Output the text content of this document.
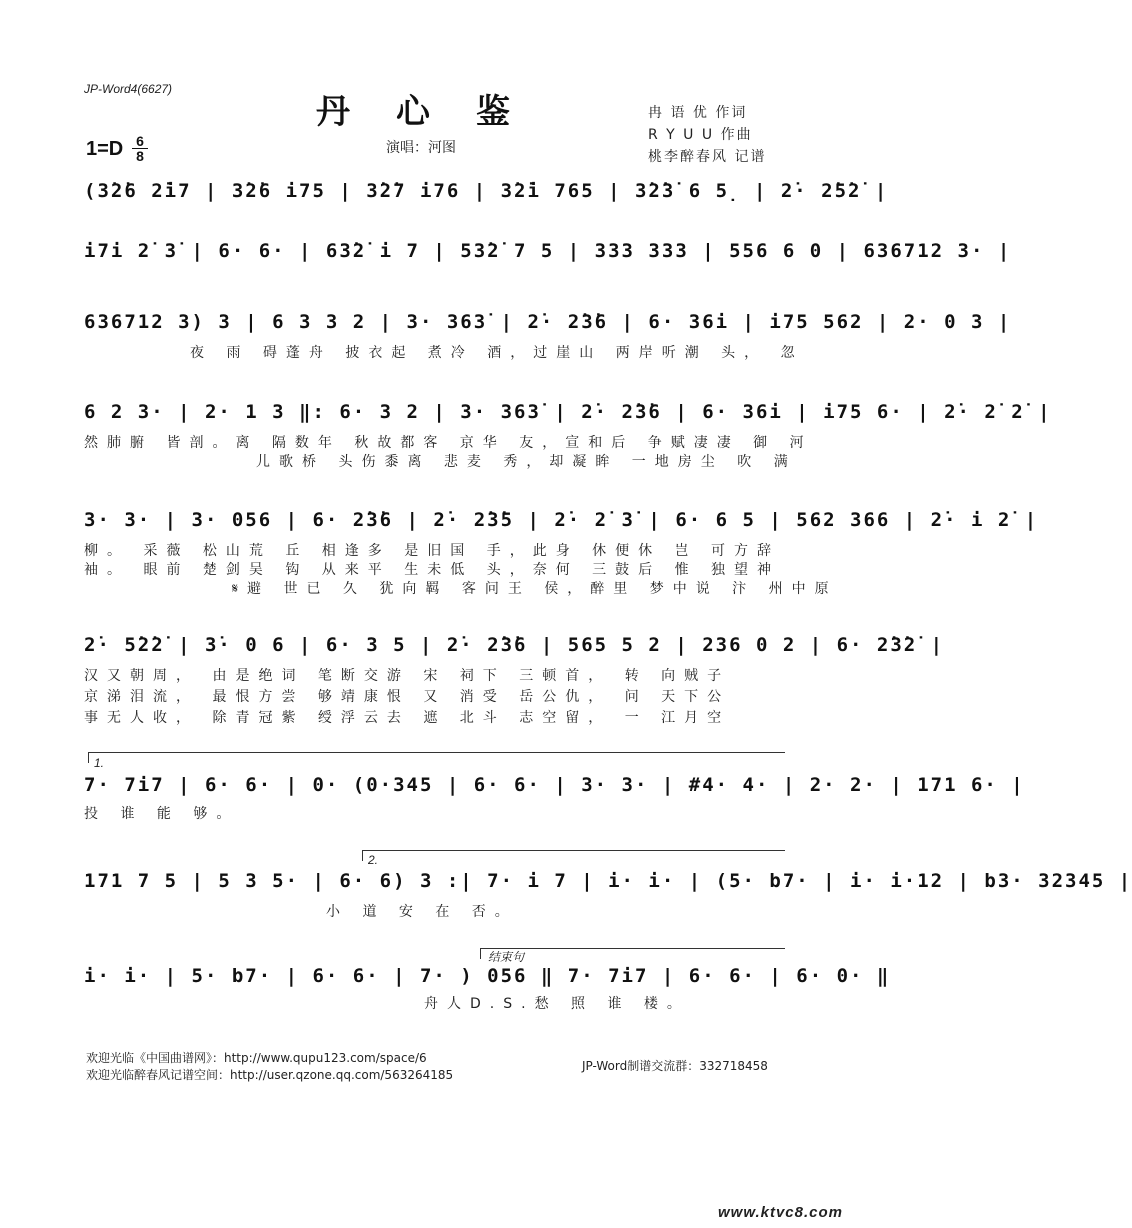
JP-Word4(6627)
丹心鉴	冉 语 优 作词
R Y U U 作曲
桃李醉春风 记谱
1=D 6
8	演唱：河图
(3̇2̇6 2̇i7 | 3̇2̇6 i75 | 3̇2̇7 i76 | 3̇2̇i 765 | 3̇2̇3̇ 6 5̣ | 2̇· 2̇5̇2̇ |
i7i 2̇ 3̇ | 6· 6· | 63̇2̇ i 7 | 53̇2̇ 7 5 | 333 333 | 556 6 0 | 636712 3· |
636712 3) 3 | 6 3 3 2 | 3· 363̇ | 2̇· 2̇3̇6 | 6· 36i | i75 562 | 2· 0 3 |
夜 雨 碍蓬舟 披衣起 煮冷 酒，过崖山 两岸听潮 头， 忽
6 2 3· | 2· 1 3 ‖: 6· 3 2 | 3· 363̇ | 2̇· 2̇3̇6 | 6· 36i | i75 6· | 2̇· 2̇ 2̇ |
然肺腑 皆剖。离 隔数年 秋故都客 京华 友，宣和后 争赋凄凄 御 河
儿歌桥 头伤黍离 悲麦 秀，却凝眸 一地房尘 吹 满
3· 3· | 3· 056 | 6· 2̇3̇6 | 2̇· 2̇3̇5 | 2̇· 2̇ 3̇ | 6· 6 5 | 562 366 | 2̇· i 2̇ |
柳。 采薇 松山荒 丘 相逢多 是旧国 手，此身 休便休 岂 可方辞
袖。 眼前 楚剑吴 钩 从来平 生未低 头，奈何 三鼓后 惟 独望神
𝄋避 世已 久 犹向羁 客问王 侯，醉里 梦中说 汴 州中原
2̇· 5̇2̇2̇ | 3̇· 0 6 | 6· 3 5 | 2̇· 2̇3̇6 | 565 5 2 | 236 0 2 | 6· 2̇3̇2̇ |
汉又朝周， 由是绝词 笔断交游 宋 祠下 三顿首， 转 向贼子
京涕泪流， 最恨方尝 够靖康恨 又 消受 岳公仇， 问 天下公
事无人收， 除青冠紫 绶浮云去 遮 北斗 志空留， 一 江月空
1.
7· 7i7 | 6· 6· | 0· (0·345 | 6· 6· | 3· 3· | #4· 4· | 2· 2· | 171 6· |
投 谁 能 够。
2.
171 7 5 | 5 3 5· | 6· 6) 3 :| 7· i 7 | i· i· | (5· b7· | i· i·12 | b3· 32345 |
小 道 安 在 否。
结束句
i· i· | 5· b7· | 6· 6· | 7· ) 056 ‖ 7· 7i7 | 6· 6· | 6· 0· ‖
舟人D.S.愁 照 谁 楼。
欢迎光临《中国曲谱网》：http://www.qupu123.com/space/6
欢迎光临醉春风记谱空间：http://user.qzone.qq.com/563264185
JP-Word制谱交流群：332718458
www.ktvc8.com
